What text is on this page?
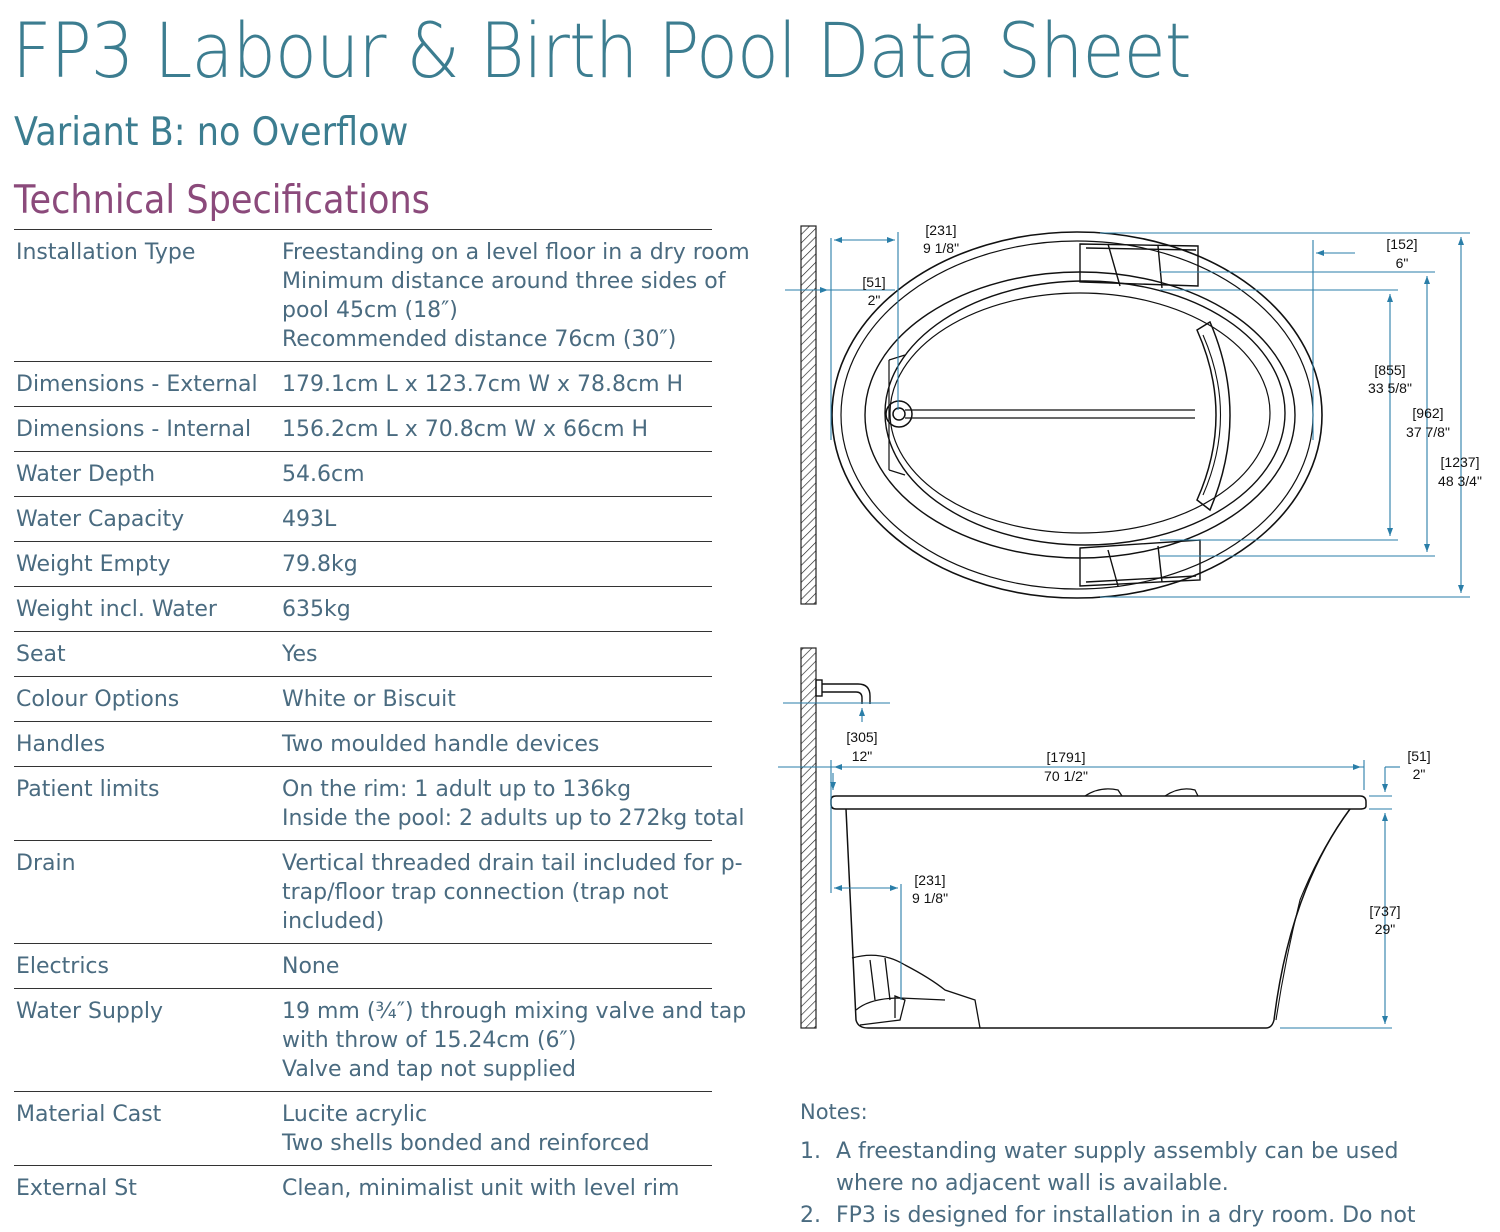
FP3 Labour & Birth Pool Data Sheet
Variant B: no Overflow
Technical Specifications
Installation Type	Freestanding on a level floor in a dry room
Minimum distance around three sides of
pool 45cm (18″)
Recommended distance 76cm (30″)
Dimensions - External	179.1cm L x 123.7cm W x 78.8cm H
Dimensions - Internal	156.2cm L x 70.8cm W x 66cm H
Water Depth	54.6cm
Water Capacity	493L
Weight Empty	79.8kg
Weight incl. Water	635kg
Seat	Yes
Colour Options	White or Biscuit
Handles	Two moulded handle devices
Patient limits	On the rim: 1 adult up to 136kg
Inside the pool: 2 adults up to 272kg total
Drain	Vertical threaded drain tail included for p-
trap/floor trap connection (trap not
included)
Electrics	None
Water Supply	19 mm (¾″) through mixing valve and tap
with throw of 15.24cm (6″)
Valve and tap not supplied
Material Cast	Lucite acrylic
Two shells bonded and reinforced
External St	Clean, minimalist unit with level rim
[231]
9 1/8"
[51]
2"
[152]
6"
[855]
33 5/8"
[962]
37 7/8"
[1237]
48 3/4"
[305]
12"	[1791]
70 1/2"
[51]
2"
[231]
9 1/8"
[737]
29"
Notes:
1. A freestanding water supply assembly can be used
where no adjacent wall is available.
2. FP3 is designed for installation in a dry room. Do not
